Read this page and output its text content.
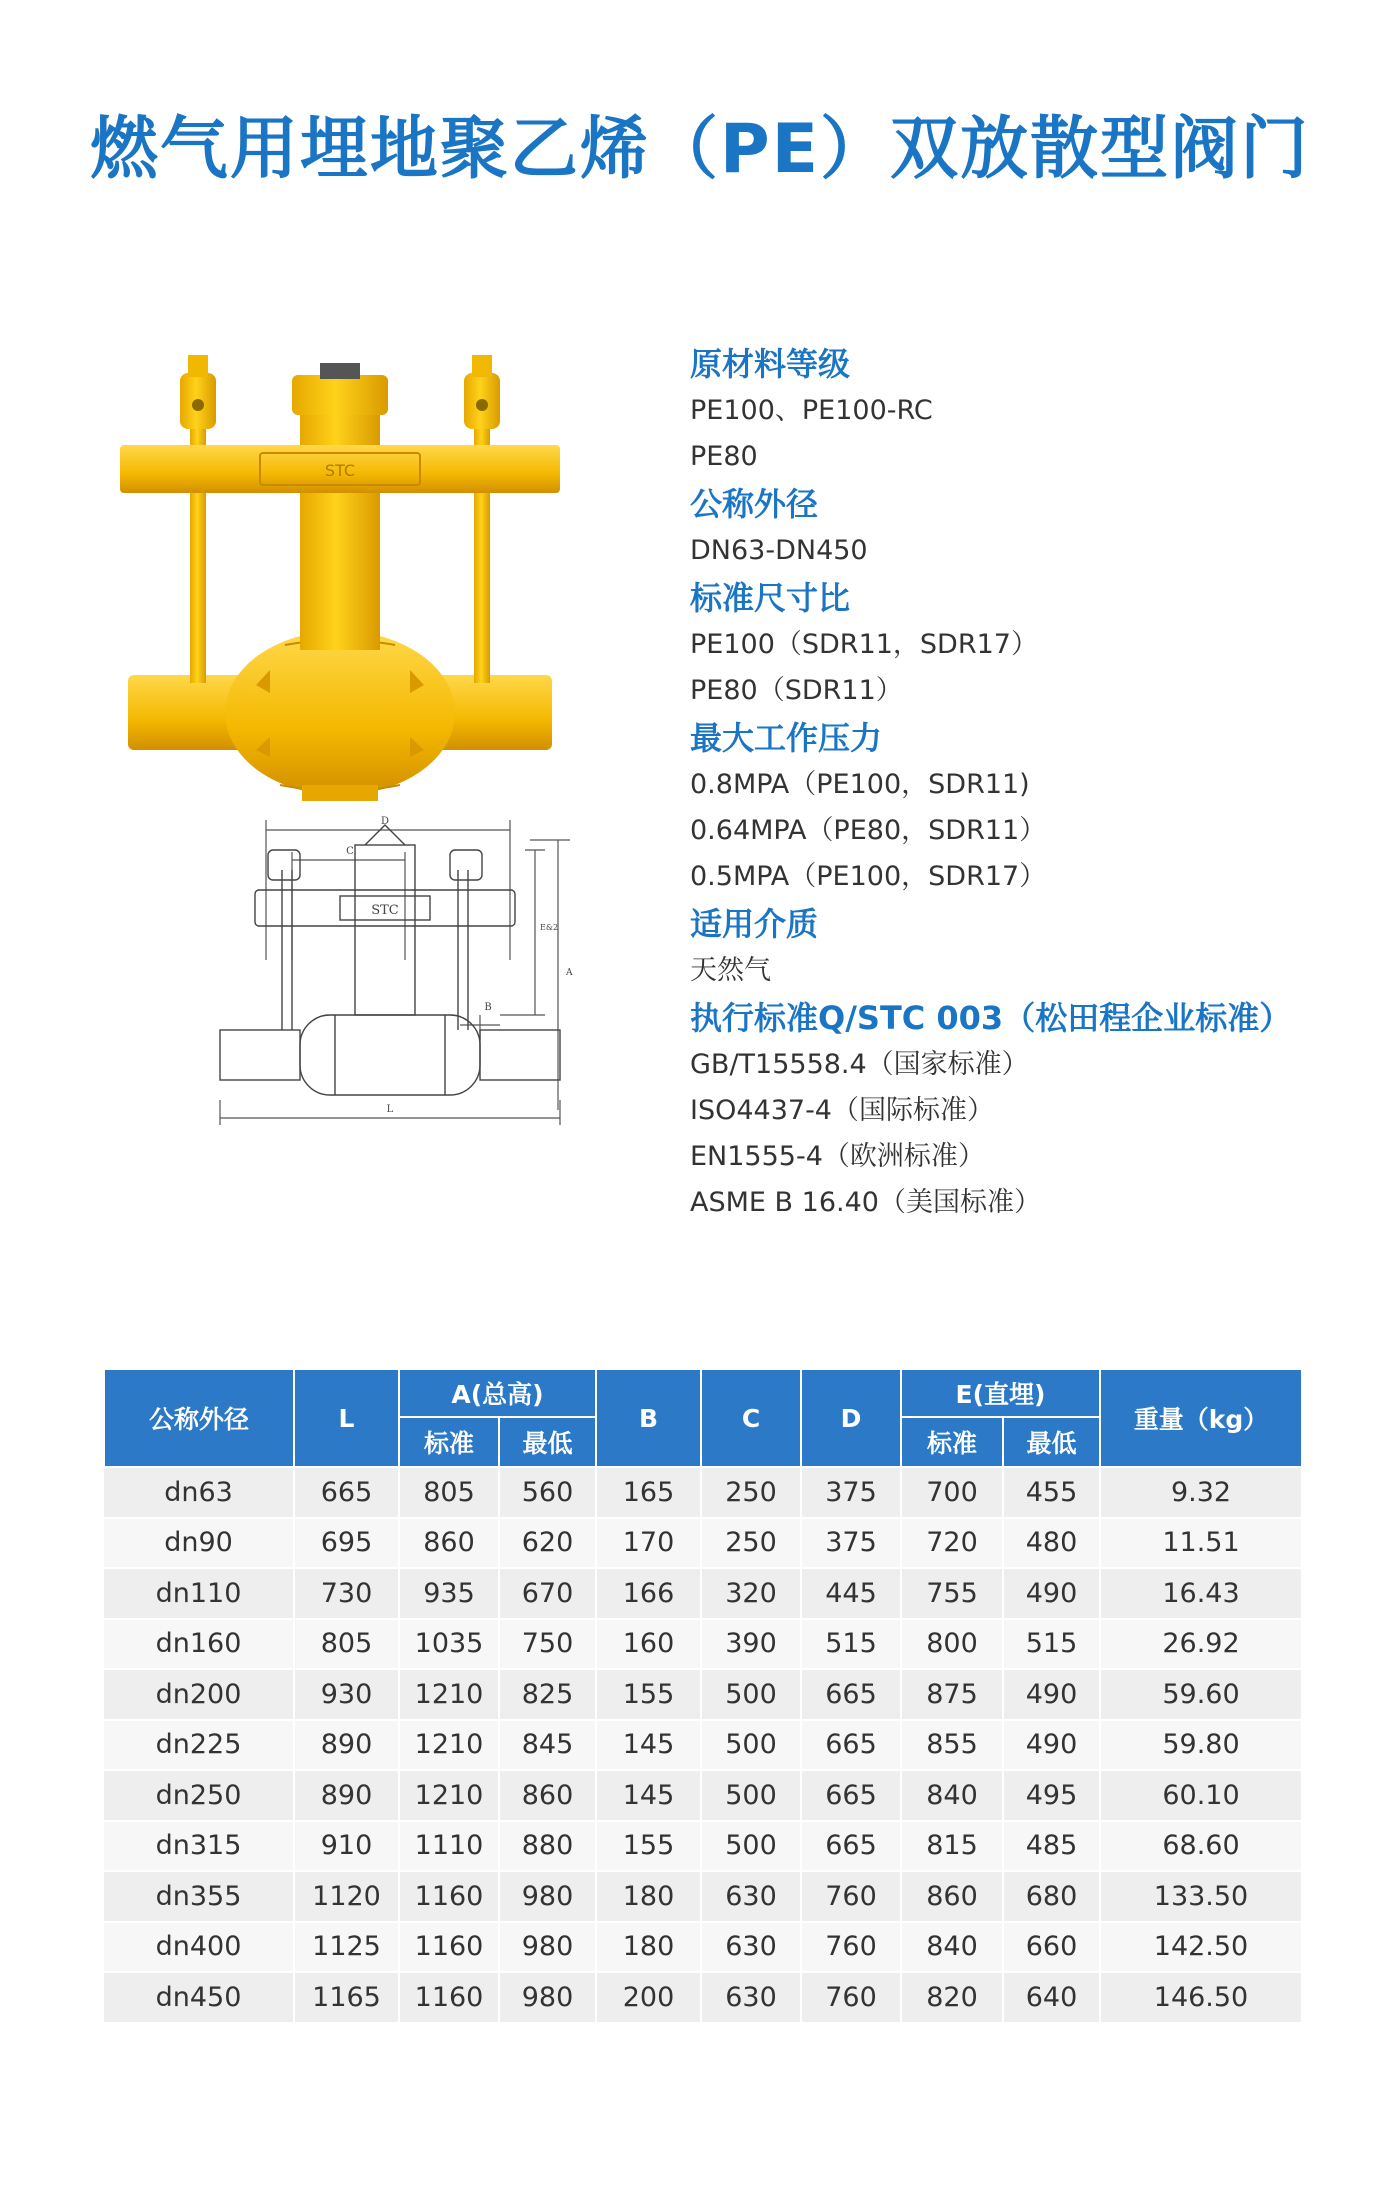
燃气用埋地聚乙烯（PE）双放散型阀门
STC
STC
D
C
B
A
E&2
L
原材料等级
PE100、PE100-RC
PE80
公称外径
DN63-DN450
标准尺寸比
PE100（SDR11，SDR17）
PE80（SDR11）
最大工作压力
0.8MPA（PE100，SDR11)
0.64MPA（PE80，SDR11）
0.5MPA（PE100，SDR17）
适用介质
天然气
执行标准Q/STC 003（松田程企业标准）
GB/T15558.4（国家标准）
ISO4437-4（国际标准）
EN1555-4（欧洲标准）
ASME B 16.40（美国标准）
公称外径	L	A(总高)		B	C	D	E(直埋)		重量（kg）
		标准	最低				标准	最低	
dn63	665	805	560	165	250	375	700	455	9.32
dn90	695	860	620	170	250	375	720	480	11.51
dn110	730	935	670	166	320	445	755	490	16.43
dn160	805	1035	750	160	390	515	800	515	26.92
dn200	930	1210	825	155	500	665	875	490	59.60
dn225	890	1210	845	145	500	665	855	490	59.80
dn250	890	1210	860	145	500	665	840	495	60.10
dn315	910	1110	880	155	500	665	815	485	68.60
dn355	1120	1160	980	180	630	760	860	680	133.50
dn400	1125	1160	980	180	630	760	840	660	142.50
dn450	1165	1160	980	200	630	760	820	640	146.50
